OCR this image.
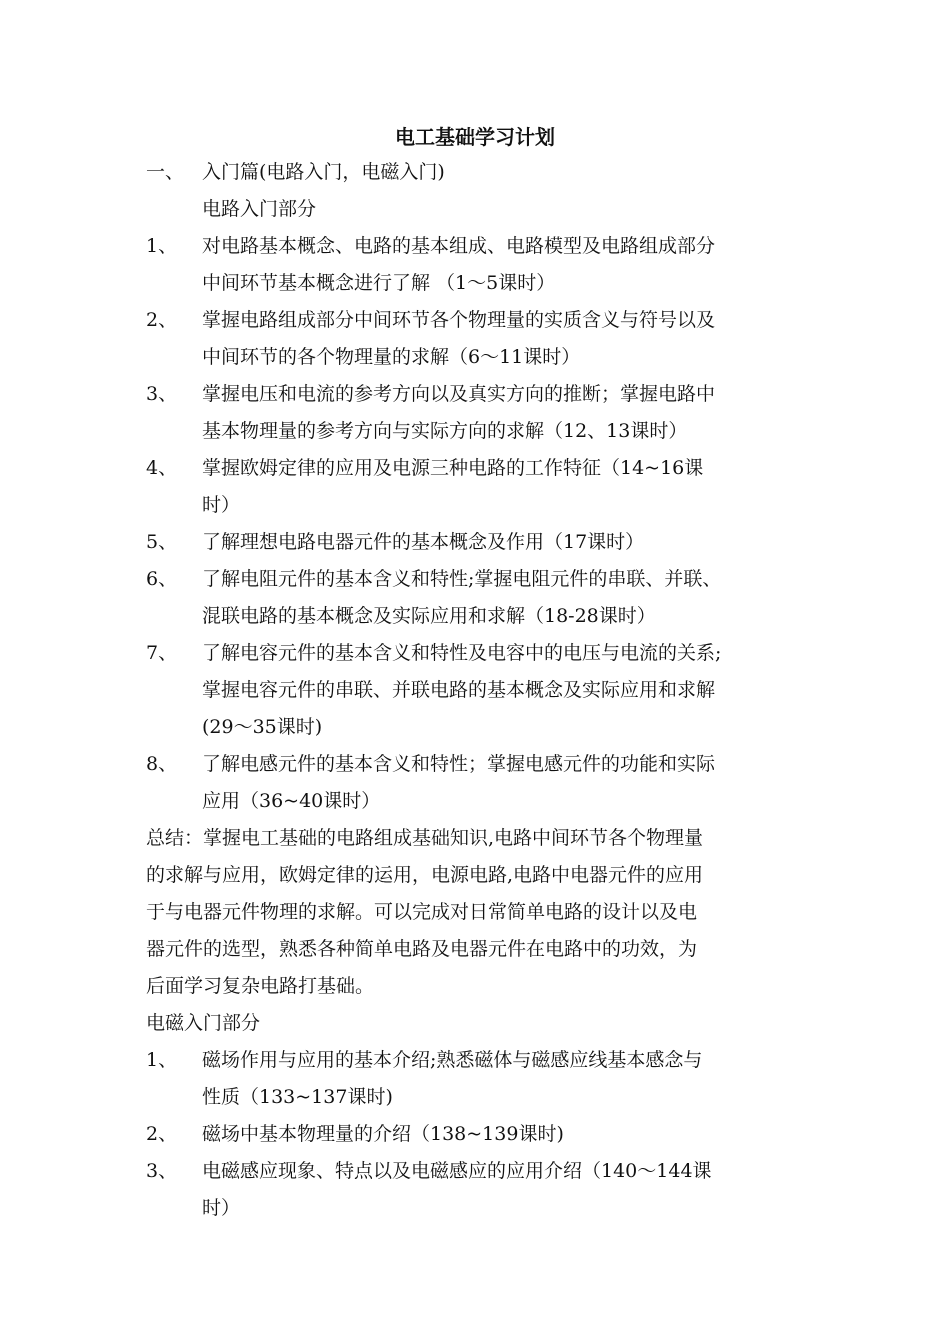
电工基础学习计划
一、 入门篇(电路入门，电磁入门)
电路入门部分
1、 对电路基本概念、电路的基本组成、电路模型及电路组成部分
中间环节基本概念进行了解 （1～5课时）
2、 掌握电路组成部分中间环节各个物理量的实质含义与符号以及
中间环节的各个物理量的求解（6～11课时）
3、 掌握电压和电流的参考方向以及真实方向的推断；掌握电路中
基本物理量的参考方向与实际方向的求解（12、13课时）
4、 掌握欧姆定律的应用及电源三种电路的工作特征（14~16课
时）
5、 了解理想电路电器元件的基本概念及作用（17课时）
6、 了解电阻元件的基本含义和特性;掌握电阻元件的串联、并联、
混联电路的基本概念及实际应用和求解（18-28课时）
7、 了解电容元件的基本含义和特性及电容中的电压与电流的关系;
掌握电容元件的串联、并联电路的基本概念及实际应用和求解
(29～35课时)
8、 了解电感元件的基本含义和特性；掌握电感元件的功能和实际
应用（36~40课时）
总结：掌握电工基础的电路组成基础知识,电路中间环节各个物理量
的求解与应用，欧姆定律的运用，电源电路,电路中电器元件的应用
于与电器元件物理的求解。可以完成对日常简单电路的设计以及电
器元件的选型，熟悉各种简单电路及电器元件在电路中的功效，为
后面学习复杂电路打基础。
电磁入门部分
1、 磁场作用与应用的基本介绍;熟悉磁体与磁感应线基本感念与
性质（133~137课时)
2、 磁场中基本物理量的介绍（138~139课时)
3、 电磁感应现象、特点以及电磁感应的应用介绍（140～144课
时）
